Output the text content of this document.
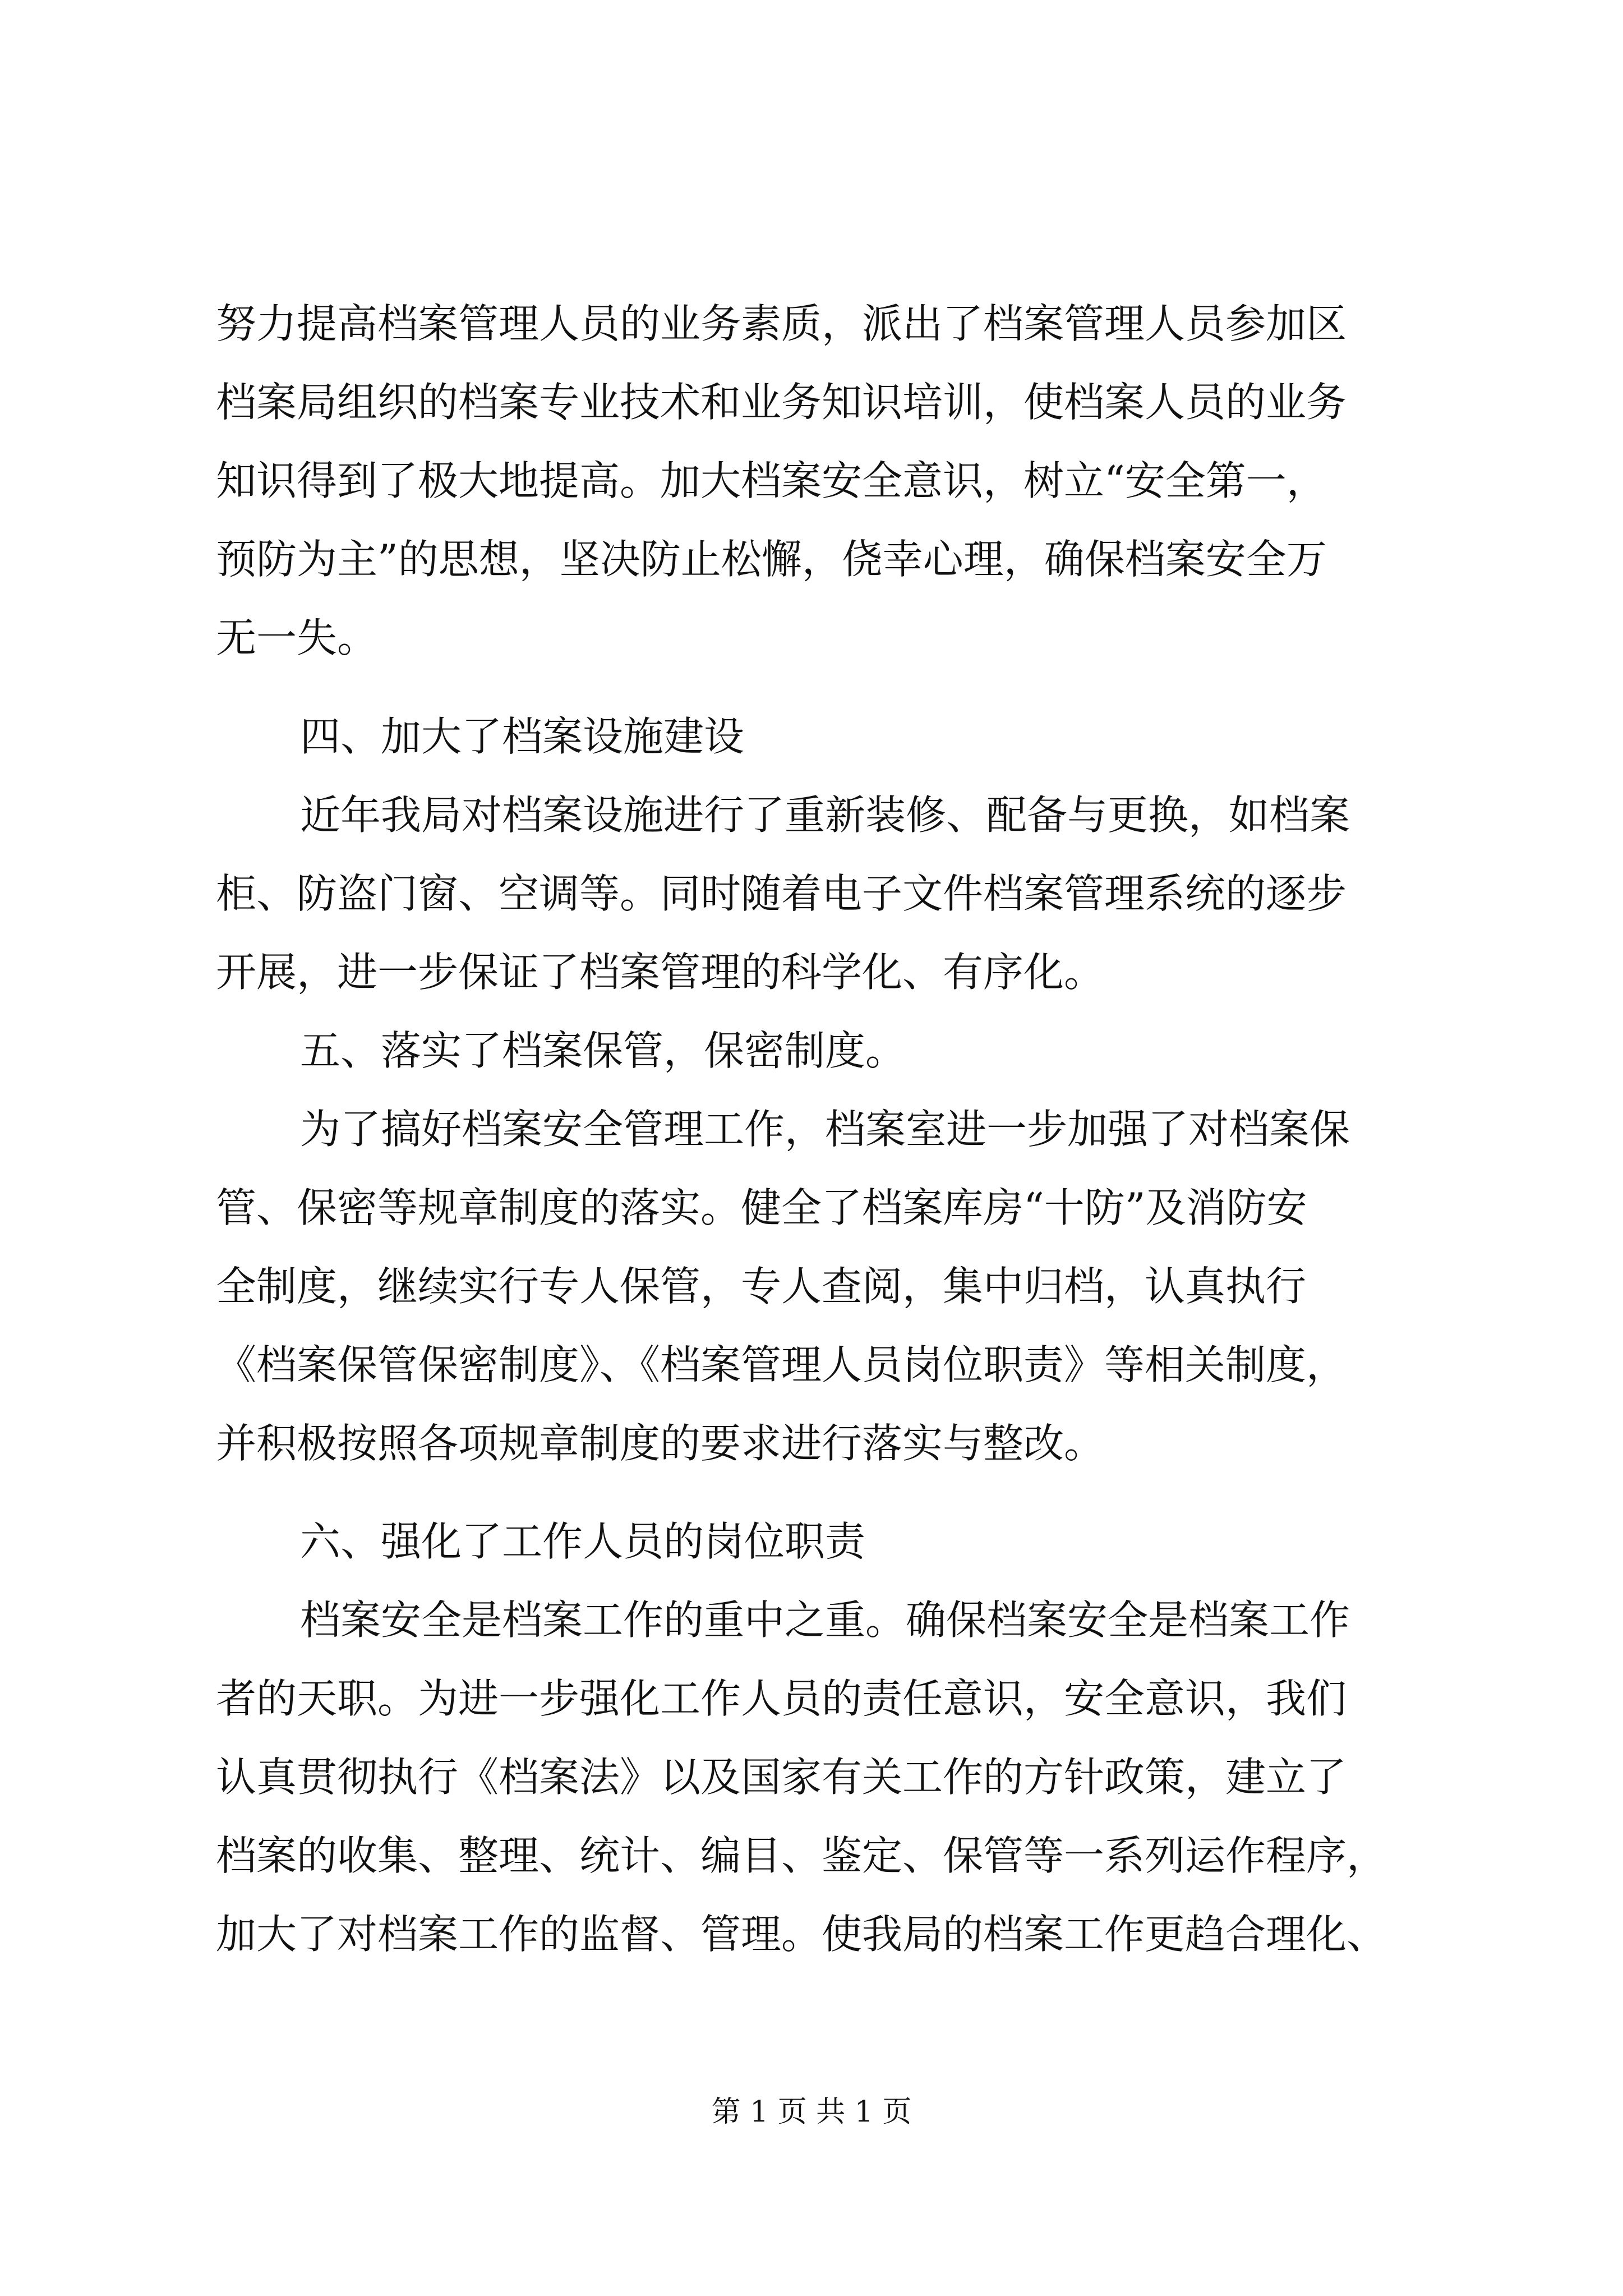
努力提高档案管理人员的业务素质，派出了档案管理人员参加区

档案局组织的档案专业技术和业务知识培训，使档案人员的业务

知识得到了极大地提高。加大档案安全意识，树立“安全第一，

预防为主”的思想，坚决防止松懈，侥幸心理，确保档案安全万

无一失。

四、加大了档案设施建设

近年我局对档案设施进行了重新装修、配备与更换，如档案

柜、防盗门窗、空调等。同时随着电子文件档案管理系统的逐步

开展，进一步保证了档案管理的科学化、有序化。

五、落实了档案保管，保密制度。

为了搞好档案安全管理工作，档案室进一步加强了对档案保

管、保密等规章制度的落实。健全了档案库房“十防”及消防安

全制度，继续实行专人保管，专人查阅，集中归档，认真执行

《档案保管保密制度》、《档案管理人员岗位职责》等相关制度，

并积极按照各项规章制度的要求进行落实与整改。

六、强化了工作人员的岗位职责

档案安全是档案工作的重中之重。确保档案安全是档案工作

者的天职。为进一步强化工作人员的责任意识，安全意识，我们

认真贯彻执行《档案法》以及国家有关工作的方针政策，建立了

档案的收集、整理、统计、编目、鉴定、保管等一系列运作程序，

加大了对档案工作的监督、管理。使我局的档案工作更趋合理化、

第 1 页 共 1 页
